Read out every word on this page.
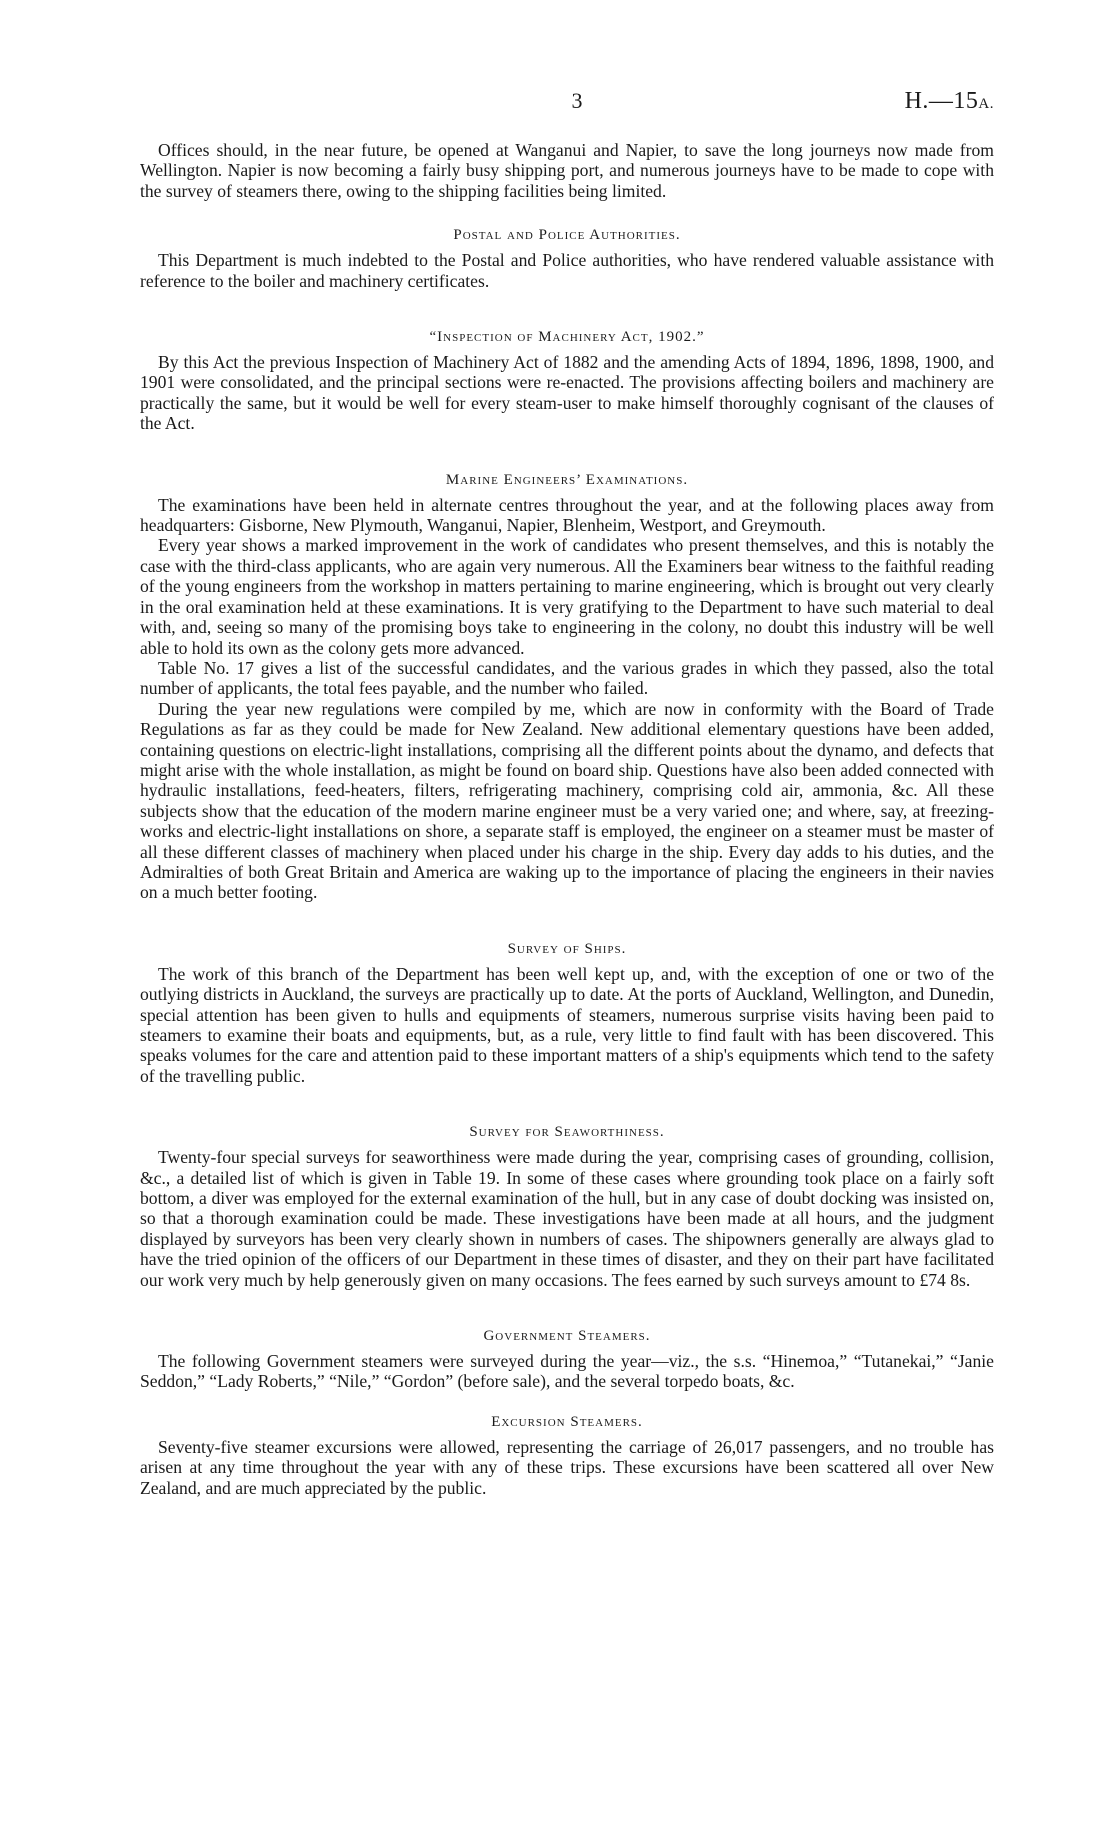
3	H.—15A.

Offices should, in the near future, be opened at Wanganui and Napier, to save the long journeys now made from Wellington. Napier is now becoming a fairly busy shipping port, and numerous journeys have to be made to cope with the survey of steamers there, owing to the shipping facilities being limited.

Postal and Police Authorities.

This Department is much indebted to the Postal and Police authorities, who have rendered valuable assistance with reference to the boiler and machinery certificates.

“Inspection of Machinery Act, 1902.”

By this Act the previous Inspection of Machinery Act of 1882 and the amending Acts of 1894, 1896, 1898, 1900, and 1901 were consolidated, and the principal sections were re-enacted. The provisions affecting boilers and machinery are practically the same, but it would be well for every steam-user to make himself thoroughly cognisant of the clauses of the Act.

Marine Engineers’ Examinations.

The examinations have been held in alternate centres throughout the year, and at the following places away from headquarters: Gisborne, New Plymouth, Wanganui, Napier, Blenheim, Westport, and Greymouth.

Every year shows a marked improvement in the work of candidates who present themselves, and this is notably the case with the third-class applicants, who are again very numerous. All the Examiners bear witness to the faithful reading of the young engineers from the workshop in matters pertaining to marine engineering, which is brought out very clearly in the oral examination held at these examinations. It is very gratifying to the Department to have such material to deal with, and, seeing so many of the promising boys take to engineering in the colony, no doubt this industry will be well able to hold its own as the colony gets more advanced.

Table No. 17 gives a list of the successful candidates, and the various grades in which they passed, also the total number of applicants, the total fees payable, and the number who failed.

During the year new regulations were compiled by me, which are now in conformity with the Board of Trade Regulations as far as they could be made for New Zealand. New additional elementary questions have been added, containing questions on electric-light installations, comprising all the different points about the dynamo, and defects that might arise with the whole installation, as might be found on board ship. Questions have also been added connected with hydraulic installations, feed-heaters, filters, refrigerating machinery, comprising cold air, ammonia, &c. All these subjects show that the education of the modern marine engineer must be a very varied one; and where, say, at freezing-works and electric-light installations on shore, a separate staff is employed, the engineer on a steamer must be master of all these different classes of machinery when placed under his charge in the ship. Every day adds to his duties, and the Admiralties of both Great Britain and America are waking up to the importance of placing the engineers in their navies on a much better footing.

Survey of Ships.

The work of this branch of the Department has been well kept up, and, with the exception of one or two of the outlying districts in Auckland, the surveys are practically up to date. At the ports of Auckland, Wellington, and Dunedin, special attention has been given to hulls and equipments of steamers, numerous surprise visits having been paid to steamers to examine their boats and equipments, but, as a rule, very little to find fault with has been discovered. This speaks volumes for the care and attention paid to these important matters of a ship's equipments which tend to the safety of the travelling public.

Survey for Seaworthiness.

Twenty-four special surveys for seaworthiness were made during the year, comprising cases of grounding, collision, &c., a detailed list of which is given in Table 19. In some of these cases where grounding took place on a fairly soft bottom, a diver was employed for the external examination of the hull, but in any case of doubt docking was insisted on, so that a thorough examination could be made. These investigations have been made at all hours, and the judgment displayed by surveyors has been very clearly shown in numbers of cases. The shipowners generally are always glad to have the tried opinion of the officers of our Department in these times of disaster, and they on their part have facilitated our work very much by help generously given on many occasions. The fees earned by such surveys amount to £74 8s.

Government Steamers.

The following Government steamers were surveyed during the year—viz., the s.s. “Hinemoa,” “Tutanekai,” “Janie Seddon,” “Lady Roberts,” “Nile,” “Gordon” (before sale), and the several torpedo boats, &c.

Excursion Steamers.

Seventy-five steamer excursions were allowed, representing the carriage of 26,017 passengers, and no trouble has arisen at any time throughout the year with any of these trips. These excursions have been scattered all over New Zealand, and are much appreciated by the public.
